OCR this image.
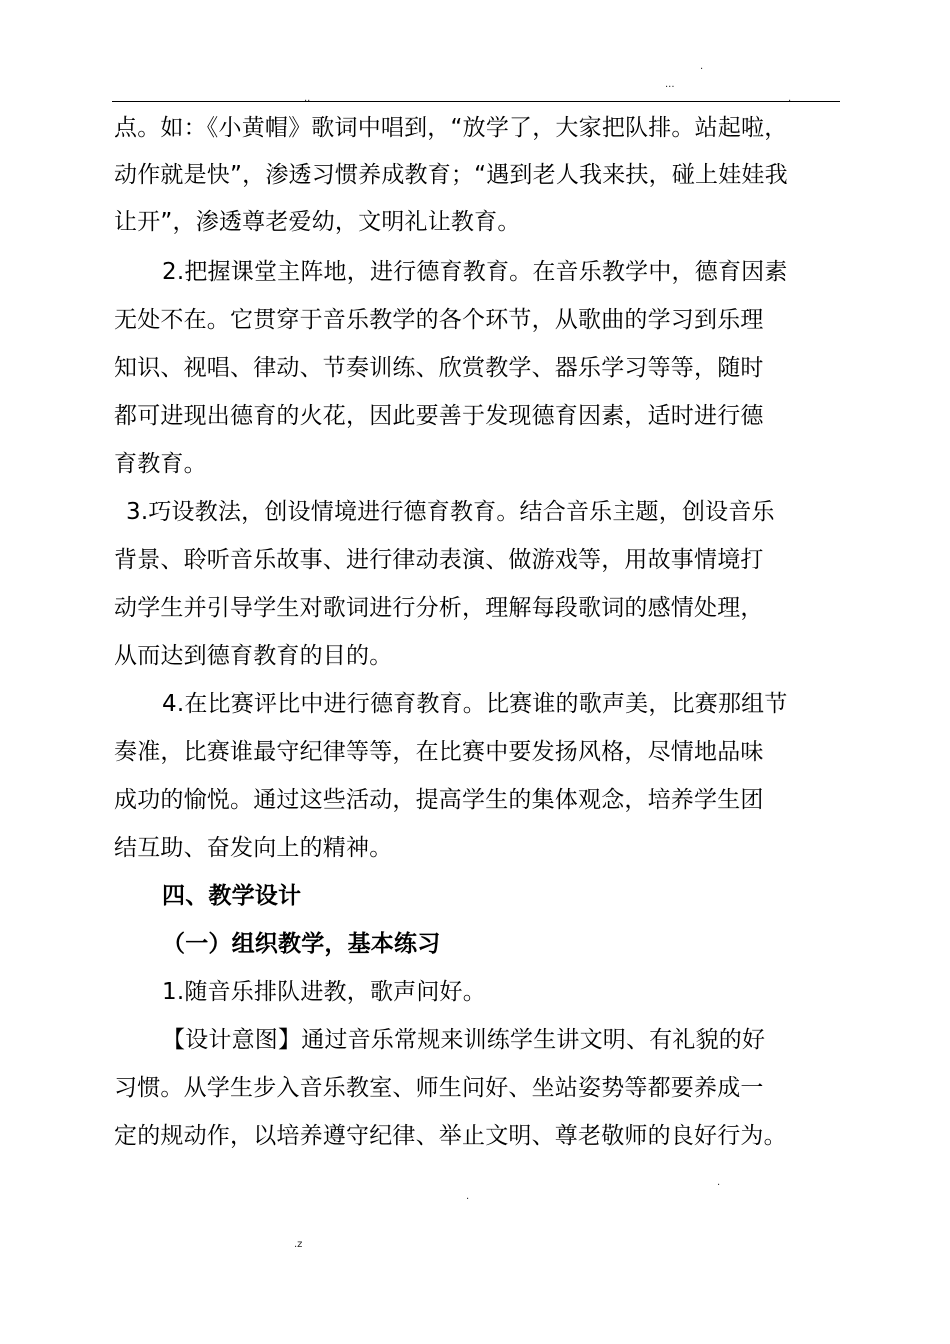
.
...
..	.
点。如：《小黄帽》歌词中唱到，“放学了，大家把队排。站起啦，
动作就是快”，渗透习惯养成教育；“遇到老人我来扶，碰上娃娃我
让开”，渗透尊老爱幼，文明礼让教育。
2.把握课堂主阵地，进行德育教育。在音乐教学中，德育因素
无处不在。它贯穿于音乐教学的各个环节，从歌曲的学习到乐理
知识、视唱、律动、节奏训练、欣赏教学、器乐学习等等，随时
都可进现出德育的火花，因此要善于发现德育因素，适时进行德
育教育。
3.巧设教法，创设情境进行德育教育。结合音乐主题，创设音乐
背景、聆听音乐故事、进行律动表演、做游戏等，用故事情境打
动学生并引导学生对歌词进行分析，理解每段歌词的感情处理，
从而达到德育教育的目的。
4.在比赛评比中进行德育教育。比赛谁的歌声美，比赛那组节
奏准，比赛谁最守纪律等等，在比赛中要发扬风格，尽情地品味
成功的愉悦。通过这些活动，提高学生的集体观念，培养学生团
结互助、奋发向上的精神。
四、教学设计
（一）组织教学，基本练习
1.随音乐排队进教，歌声问好。
【设计意图】通过音乐常规来训练学生讲文明、有礼貌的好
习惯。从学生步入音乐教室、师生问好、坐站姿势等都要养成一
定的规动作，以培养遵守纪律、举止文明、尊老敬师的良好行为。
.
.
.z
